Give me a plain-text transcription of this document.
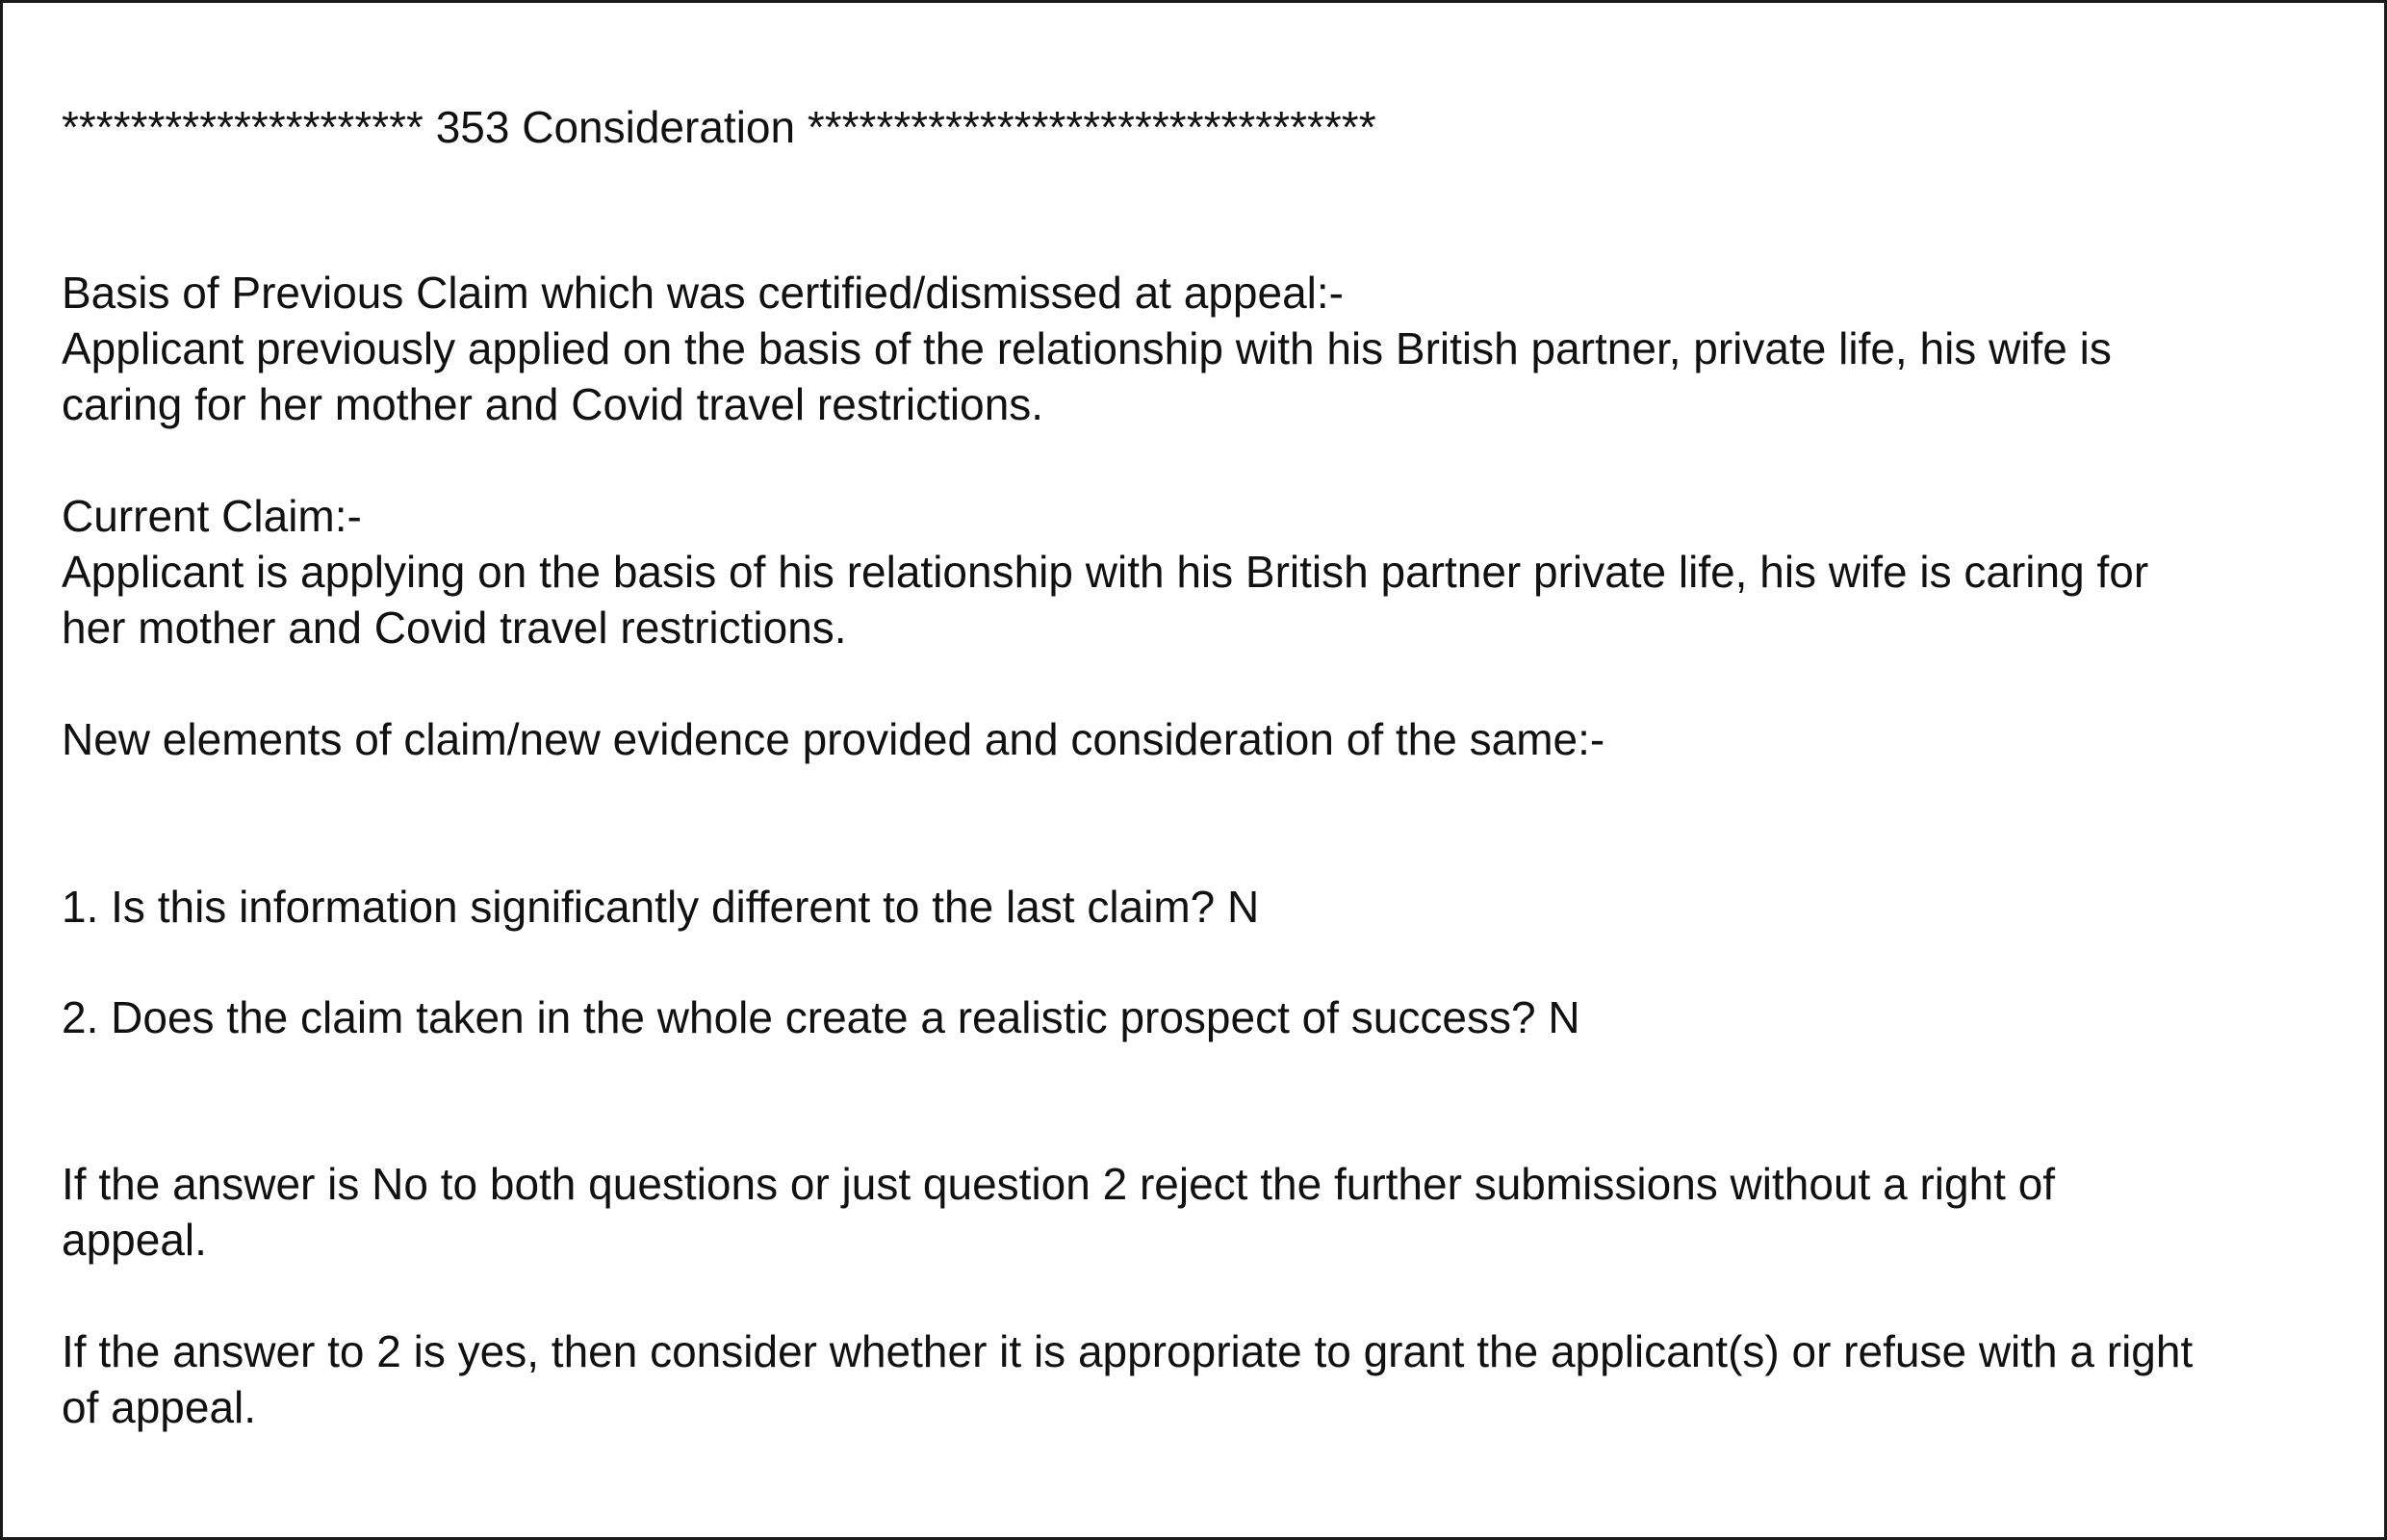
********************* 353 Consideration *********************************

Basis of Previous Claim which was certified/dismissed at appeal:-

Applicant previously applied on the basis of the relationship with his British partner, private life, his wife is

caring for her mother and Covid travel restrictions.

Current Claim:-

Applicant is applying on the basis of his relationship with his British partner private life, his wife is caring for

her mother and Covid travel restrictions.

New elements of claim/new evidence provided and consideration of the same:-

1. Is this information significantly different to the last claim? N

2. Does the claim taken in the whole create a realistic prospect of success? N

If the answer is No to both questions or just question 2 reject the further submissions without a right of

appeal.

If the answer to 2 is yes, then consider whether it is appropriate to grant the applicant(s) or refuse with a right

of appeal.
